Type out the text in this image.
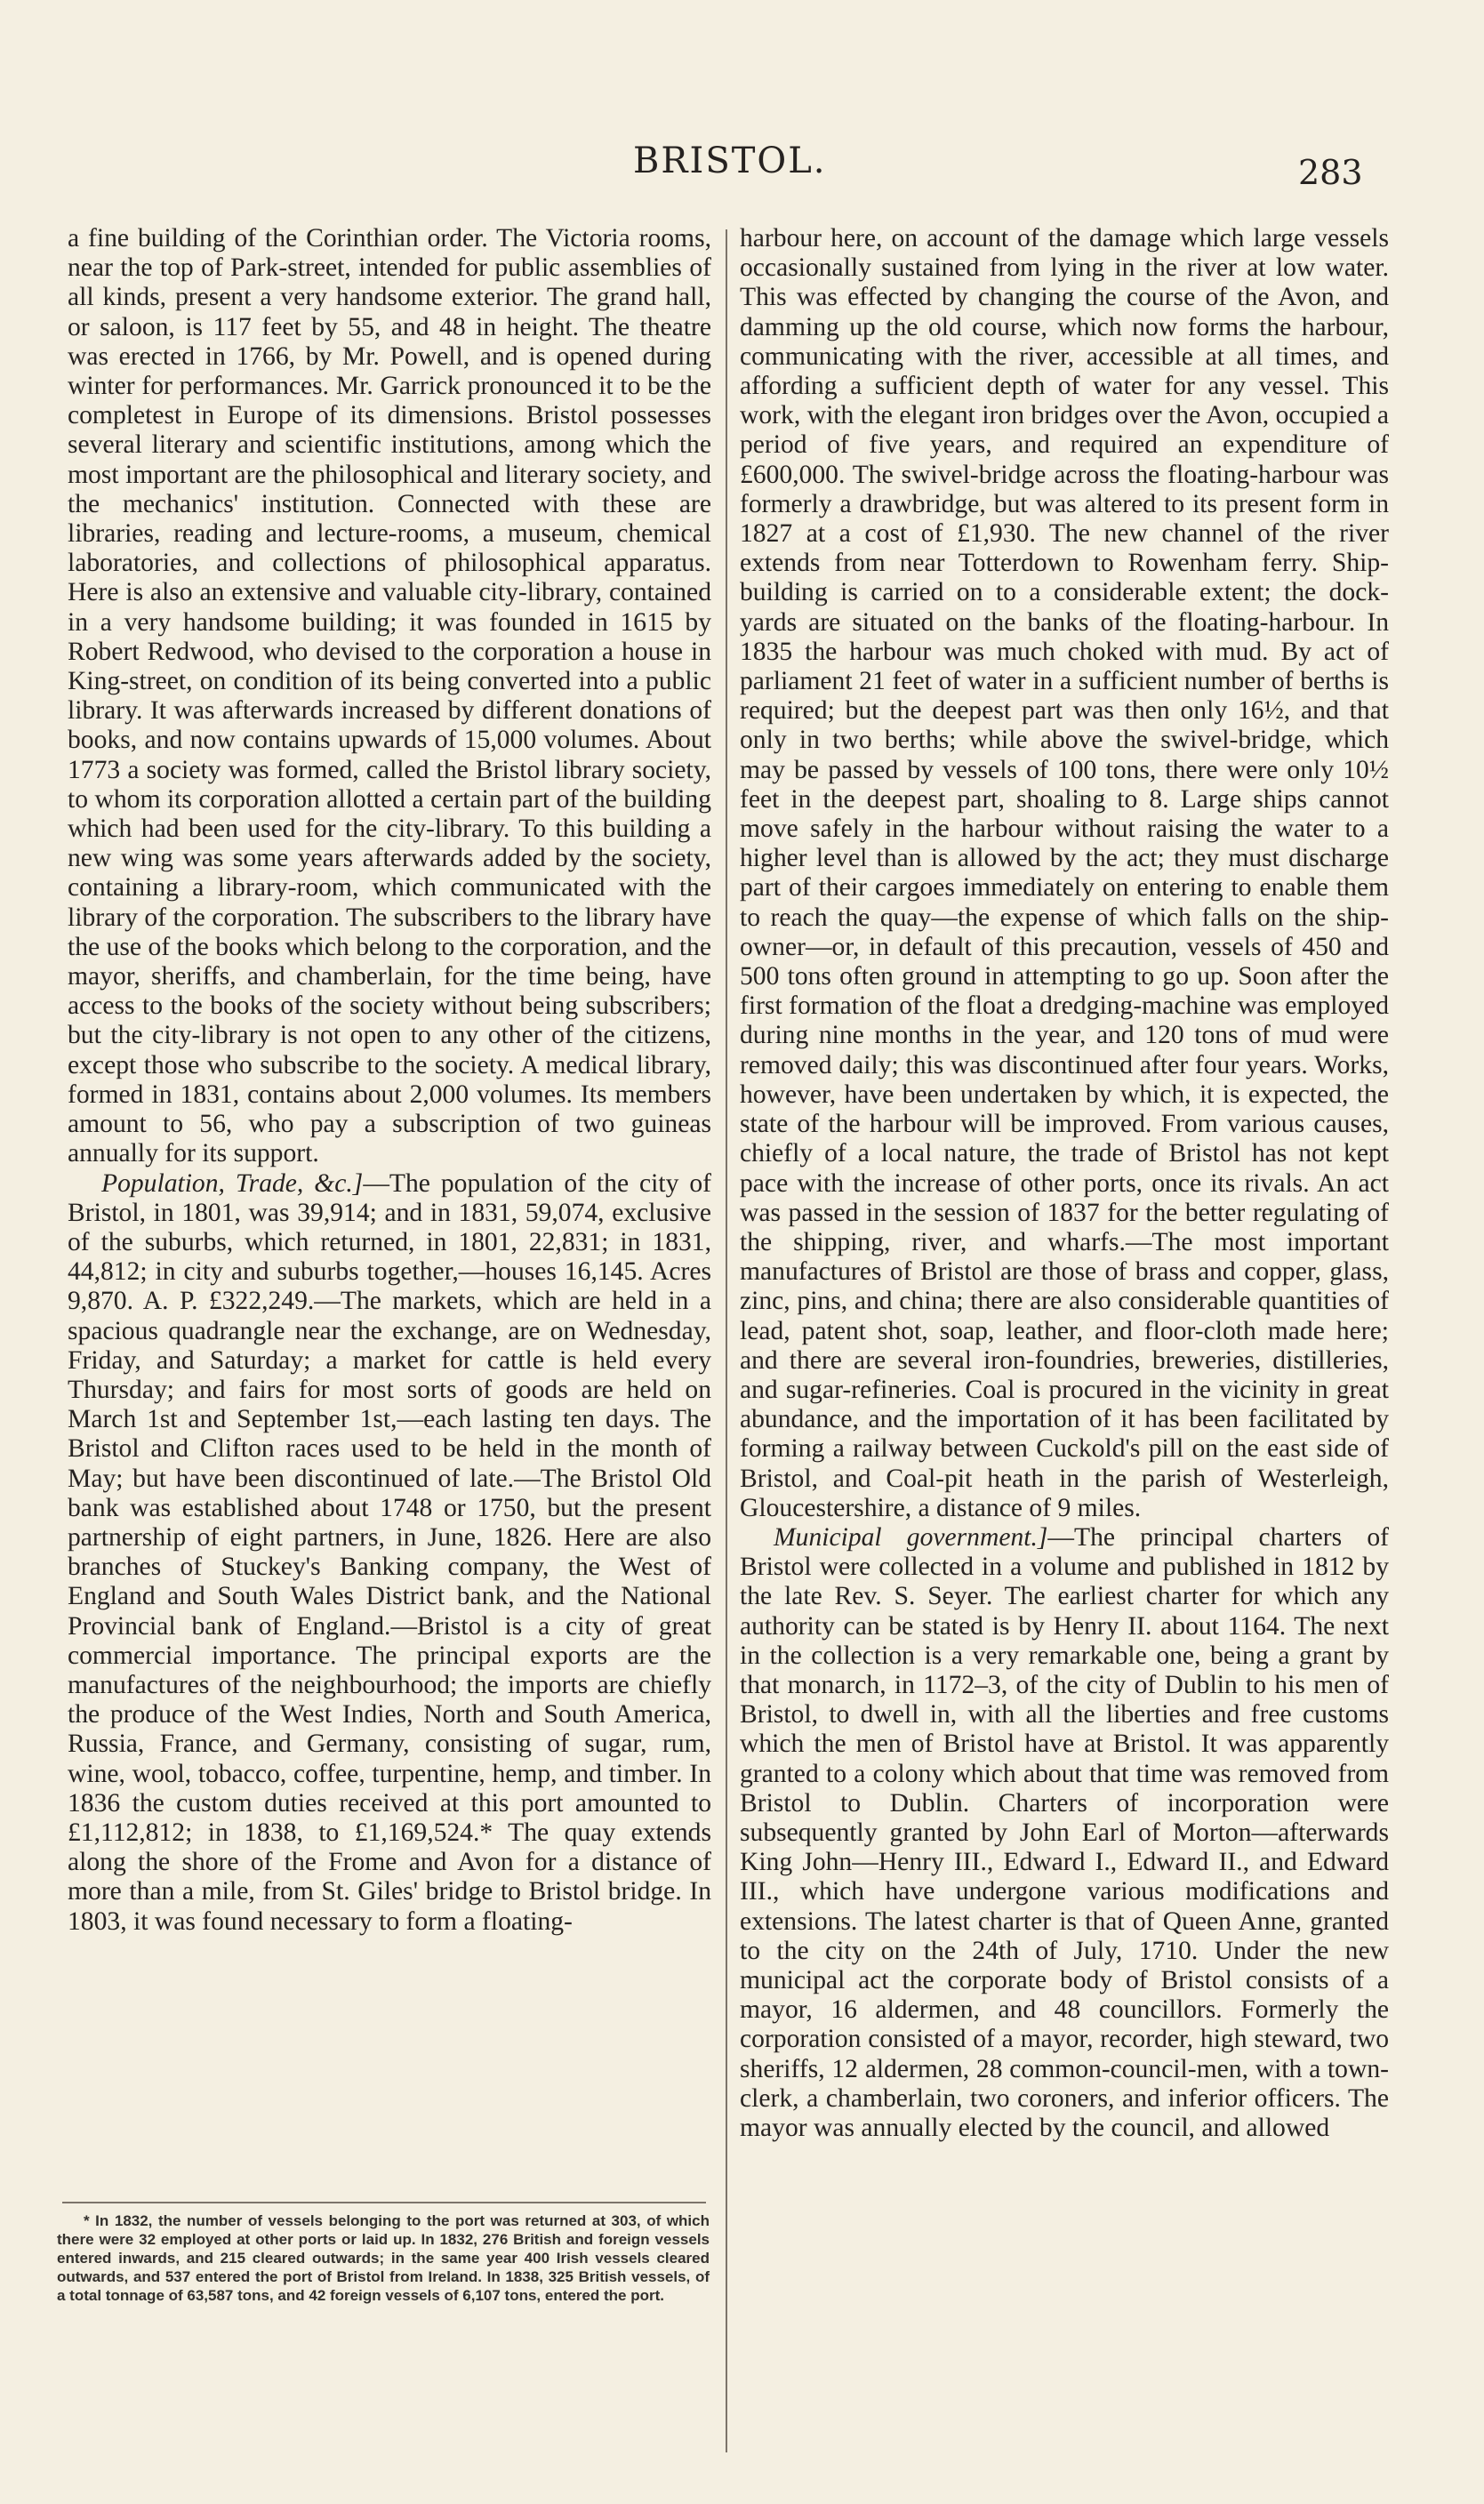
BRISTOL.	283

a fine building of the Corinthian order. The Victoria rooms, near the top of Park-street, intended for public assemblies of all kinds, present a very handsome exterior. The grand hall, or saloon, is 117 feet by 55, and 48 in height. The theatre was erected in 1766, by Mr. Powell, and is opened during winter for performances. Mr. Garrick pronounced it to be the completest in Europe of its dimensions. Bristol possesses several literary and scientific institutions, among which the most important are the philosophical and literary society, and the mechanics' institution. Connected with these are libraries, reading and lecture-rooms, a museum, chemical laboratories, and collections of philosophical apparatus. Here is also an extensive and valuable city-library, contained in a very handsome building; it was founded in 1615 by Robert Redwood, who devised to the corporation a house in King-street, on condition of its being converted into a public library. It was afterwards increased by different donations of books, and now contains upwards of 15,000 volumes. About 1773 a society was formed, called the Bristol library society, to whom its corporation allotted a certain part of the building which had been used for the city-library. To this building a new wing was some years afterwards added by the society, containing a library-room, which communicated with the library of the corporation. The subscribers to the library have the use of the books which belong to the corporation, and the mayor, sheriffs, and chamberlain, for the time being, have access to the books of the society without being subscribers; but the city-library is not open to any other of the citizens, except those who subscribe to the society. A medical library, formed in 1831, contains about 2,000 volumes. Its members amount to 56, who pay a subscription of two guineas annually for its support.

Population, Trade, &c.]—The population of the city of Bristol, in 1801, was 39,914; and in 1831, 59,074, exclusive of the suburbs, which returned, in 1801, 22,831; in 1831, 44,812; in city and suburbs together,—houses 16,145. Acres 9,870. A. P. £322,249.—The markets, which are held in a spacious quadrangle near the exchange, are on Wednesday, Friday, and Saturday; a market for cattle is held every Thursday; and fairs for most sorts of goods are held on March 1st and September 1st,—each lasting ten days. The Bristol and Clifton races used to be held in the month of May; but have been discontinued of late.—The Bristol Old bank was established about 1748 or 1750, but the present partnership of eight partners, in June, 1826. Here are also branches of Stuckey's Banking company, the West of England and South Wales District bank, and the National Provincial bank of England.—Bristol is a city of great commercial importance. The principal exports are the manufactures of the neighbourhood; the imports are chiefly the produce of the West Indies, North and South America, Russia, France, and Germany, consisting of sugar, rum, wine, wool, tobacco, coffee, turpentine, hemp, and timber. In 1836 the custom duties received at this port amounted to £1,112,812; in 1838, to £1,169,524.* The quay extends along the shore of the Frome and Avon for a distance of more than a mile, from St. Giles' bridge to Bristol bridge. In 1803, it was found necessary to form a floating-

harbour here, on account of the damage which large vessels occasionally sustained from lying in the river at low water. This was effected by changing the course of the Avon, and damming up the old course, which now forms the harbour, communicating with the river, accessible at all times, and affording a sufficient depth of water for any vessel. This work, with the elegant iron bridges over the Avon, occupied a period of five years, and required an expenditure of £600,000. The swivel-bridge across the floating-harbour was formerly a drawbridge, but was altered to its present form in 1827 at a cost of £1,930. The new channel of the river extends from near Totterdown to Rowenham ferry. Ship-building is carried on to a considerable extent; the dock-yards are situated on the banks of the floating-harbour. In 1835 the harbour was much choked with mud. By act of parliament 21 feet of water in a sufficient number of berths is required; but the deepest part was then only 16½, and that only in two berths; while above the swivel-bridge, which may be passed by vessels of 100 tons, there were only 10½ feet in the deepest part, shoaling to 8. Large ships cannot move safely in the harbour without raising the water to a higher level than is allowed by the act; they must discharge part of their cargoes immediately on entering to enable them to reach the quay—the expense of which falls on the ship-owner—or, in default of this precaution, vessels of 450 and 500 tons often ground in attempting to go up. Soon after the first formation of the float a dredging-machine was employed during nine months in the year, and 120 tons of mud were removed daily; this was discontinued after four years. Works, however, have been undertaken by which, it is expected, the state of the harbour will be improved. From various causes, chiefly of a local nature, the trade of Bristol has not kept pace with the increase of other ports, once its rivals. An act was passed in the session of 1837 for the better regulating of the shipping, river, and wharfs.—The most important manufactures of Bristol are those of brass and copper, glass, zinc, pins, and china; there are also considerable quantities of lead, patent shot, soap, leather, and floor-cloth made here; and there are several iron-foundries, breweries, distilleries, and sugar-refineries. Coal is procured in the vicinity in great abundance, and the importation of it has been facilitated by forming a railway between Cuckold's pill on the east side of Bristol, and Coal-pit heath in the parish of Westerleigh, Gloucestershire, a distance of 9 miles.

Municipal government.]—The principal charters of Bristol were collected in a volume and published in 1812 by the late Rev. S. Seyer. The earliest charter for which any authority can be stated is by Henry II. about 1164. The next in the collection is a very remarkable one, being a grant by that monarch, in 1172–3, of the city of Dublin to his men of Bristol, to dwell in, with all the liberties and free customs which the men of Bristol have at Bristol. It was apparently granted to a colony which about that time was removed from Bristol to Dublin. Charters of incorporation were subsequently granted by John Earl of Morton—afterwards King John—Henry III., Edward I., Edward II., and Edward III., which have undergone various modifications and extensions. The latest charter is that of Queen Anne, granted to the city on the 24th of July, 1710. Under the new municipal act the corporate body of Bristol consists of a mayor, 16 aldermen, and 48 councillors. Formerly the corporation consisted of a mayor, recorder, high steward, two sheriffs, 12 aldermen, 28 common-council-men, with a town-clerk, a chamberlain, two coroners, and inferior officers. The mayor was annually elected by the council, and allowed

* In 1832, the number of vessels belonging to the port was returned at 303, of which there were 32 employed at other ports or laid up. In 1832, 276 British and foreign vessels entered inwards, and 215 cleared outwards; in the same year 400 Irish vessels cleared outwards, and 537 entered the port of Bristol from Ireland. In 1838, 325 British vessels, of a total tonnage of 63,587 tons, and 42 foreign vessels of 6,107 tons, entered the port.
